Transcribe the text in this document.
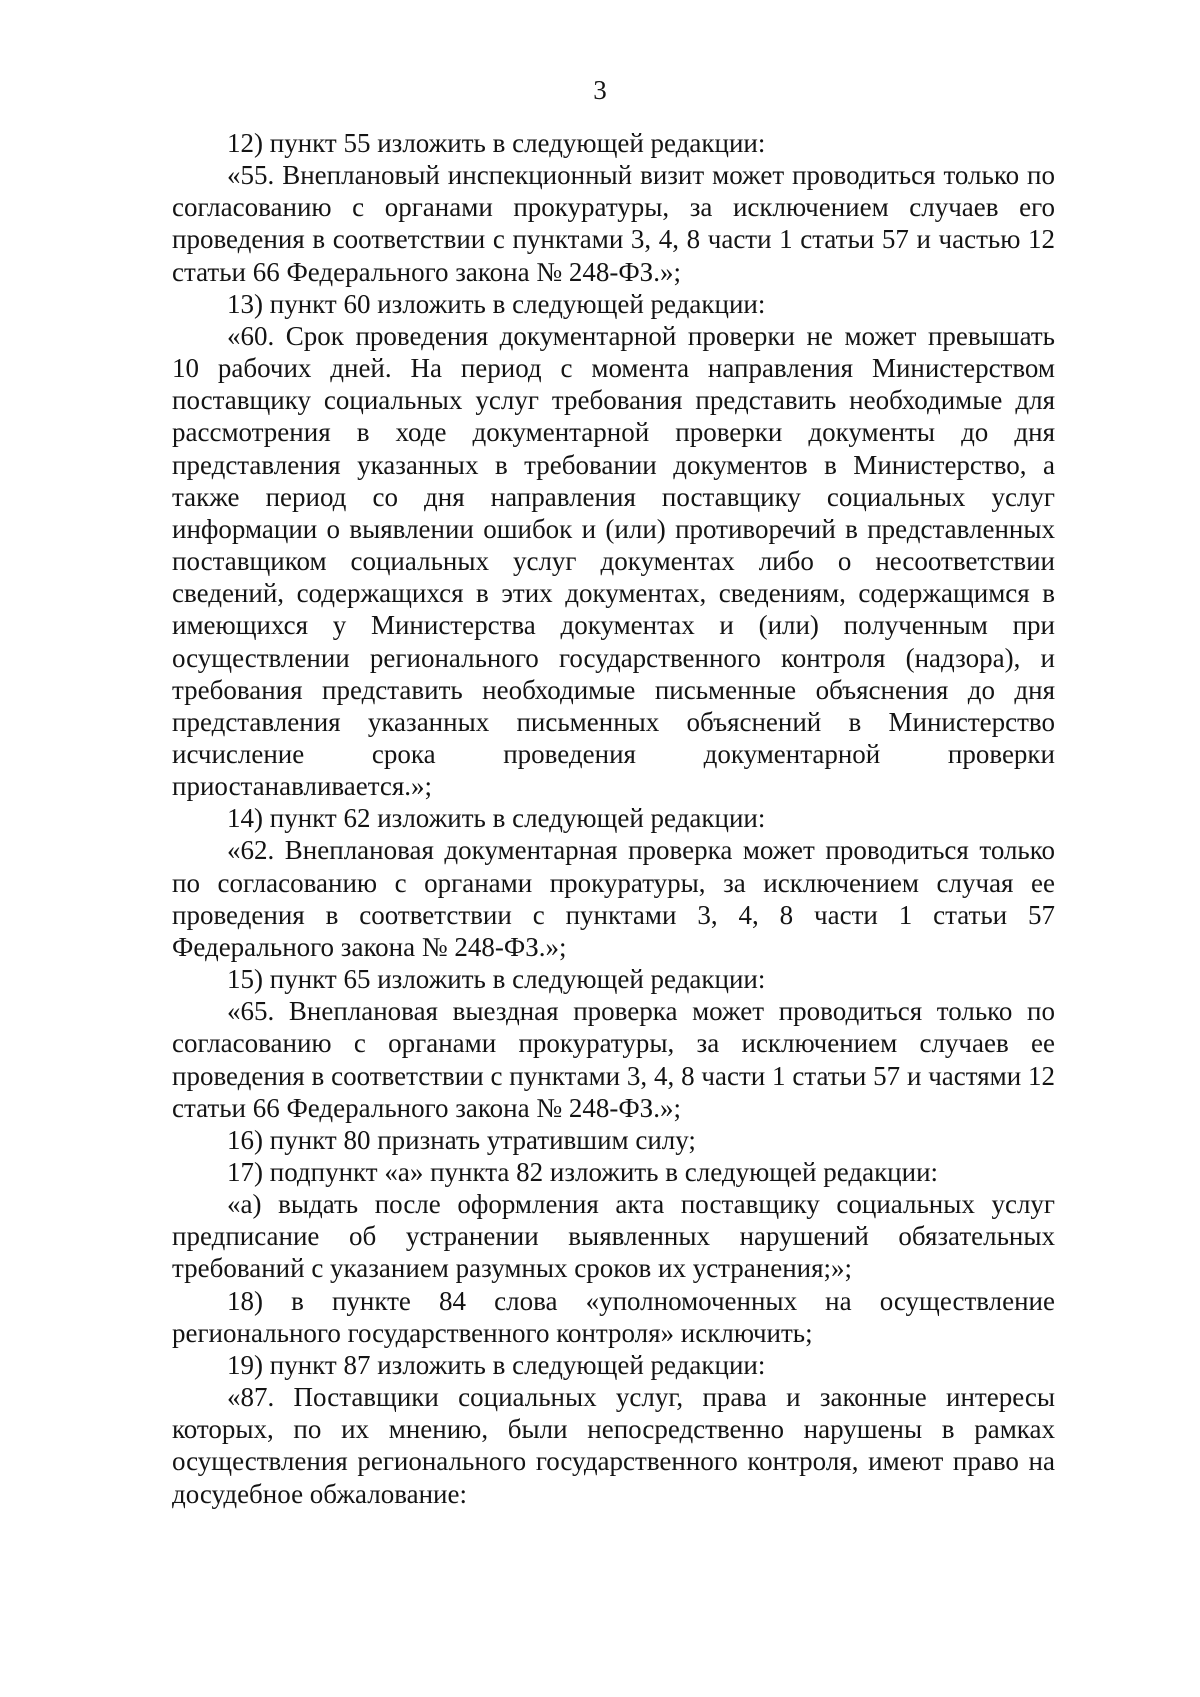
3

12) пункт 55 изложить в следующей редакции:

«55. Внеплановый инспекционный визит может проводиться только по согласованию с органами прокуратуры, за исключением случаев его проведения в соответствии с пунктами 3, 4, 8 части 1 статьи 57 и частью 12 статьи 66 Федерального закона № 248-ФЗ.»;

13) пункт 60 изложить в следующей редакции:

«60. Срок проведения документарной проверки не может превышать 10 рабочих дней. На период с момента направления Министерством поставщику социальных услуг требования представить необходимые для рассмотрения в ходе документарной проверки документы до дня представления указанных в требовании документов в Министерство, а также период со дня направления поставщику социальных услуг информации о выявлении ошибок и (или) противоречий в представленных поставщиком социальных услуг документах либо о несоответствии сведений, содержащихся в этих документах, сведениям, содержащимся в имеющихся у Министерства документах и (или) полученным при осуществлении регионального государственного контроля (надзора), и требования представить необходимые письменные объяснения до дня представления указанных письменных объяснений в Министерство исчисление срока проведения документарной проверки приостанавливается.»;

14) пункт 62 изложить в следующей редакции:

«62. Внеплановая документарная проверка может проводиться только по согласованию с органами прокуратуры, за исключением случая ее проведения в соответствии с пунктами 3, 4, 8 части 1 статьи 57 Федерального закона № 248-ФЗ.»;

15) пункт 65 изложить в следующей редакции:

«65. Внеплановая выездная проверка может проводиться только по согласованию с органами прокуратуры, за исключением случаев ее проведения в соответствии с пунктами 3, 4, 8 части 1 статьи 57 и частями 12 статьи 66 Федерального закона № 248-ФЗ.»;

16) пункт 80 признать утратившим силу;

17) подпункт «а» пункта 82 изложить в следующей редакции:

«а) выдать после оформления акта поставщику социальных услуг предписание об устранении выявленных нарушений обязательных требований с указанием разумных сроков их устранения;»;

18) в пункте 84 слова «уполномоченных на осуществление регионального государственного контроля» исключить;

19) пункт 87 изложить в следующей редакции:

«87. Поставщики социальных услуг, права и законные интересы которых, по их мнению, были непосредственно нарушены в рамках осуществления регионального государственного контроля, имеют право на досудебное обжалование:
